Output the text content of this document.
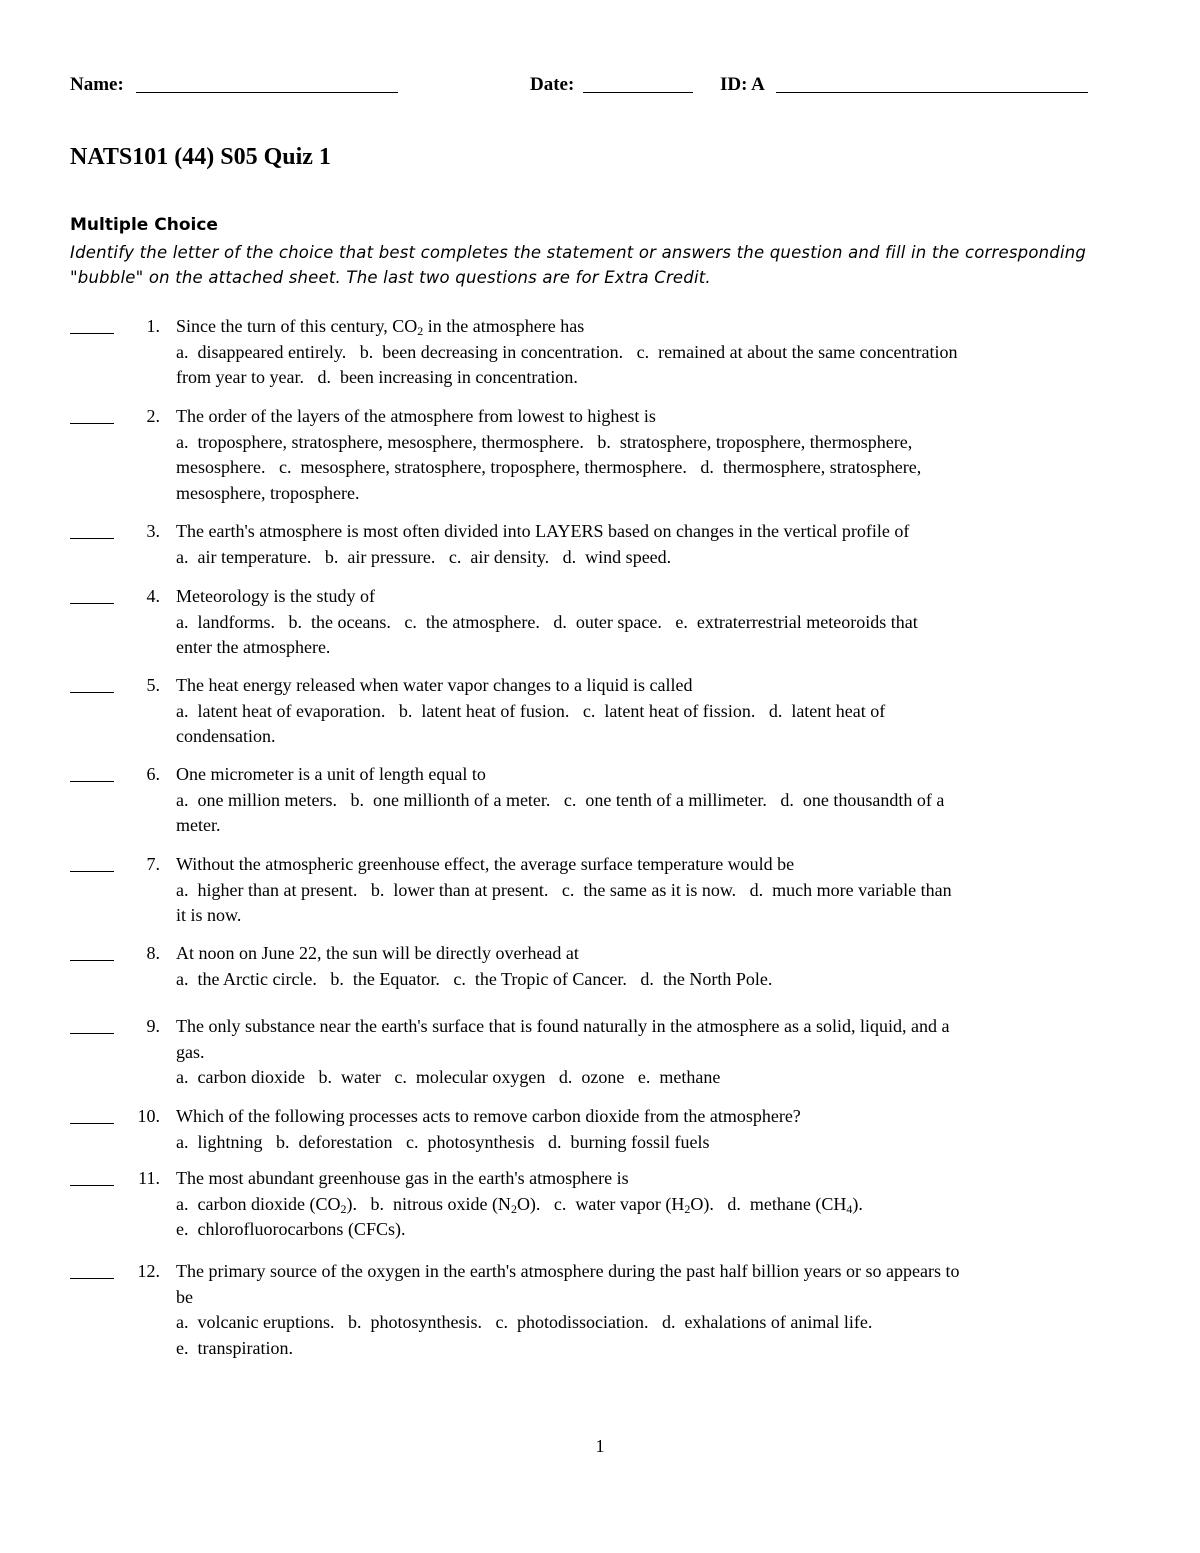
Name:	Date:	ID: A
NATS101 (44) S05 Quiz 1
Multiple Choice
Identify the letter of the choice that best completes the statement or answers the question and fill in the corresponding
"bubble" on the attached sheet. The last two questions are for Extra Credit.
1. Since the turn of this century, $CO_2$ in the atmosphere has
a.  disappeared entirely.   b.  been decreasing in concentration.   c.  remained at about the same concentration
from year to year.   d.  been increasing in concentration.
2. The order of the layers of the atmosphere from lowest to highest is
a.  troposphere, stratosphere, mesosphere, thermosphere.   b.  stratosphere, troposphere, thermosphere,
mesosphere.   c.  mesosphere, stratosphere, troposphere, thermosphere.   d.  thermosphere, stratosphere,
mesosphere, troposphere.
3. The earth's atmosphere is most often divided into LAYERS based on changes in the vertical profile of
a.  air temperature.   b.  air pressure.   c.  air density.   d.  wind speed.
4. Meteorology is the study of
a.  landforms.   b.  the oceans.   c.  the atmosphere.   d.  outer space.   e.  extraterrestrial meteoroids that
enter the atmosphere.
5. The heat energy released when water vapor changes to a liquid is called
a.  latent heat of evaporation.   b.  latent heat of fusion.   c.  latent heat of fission.   d.  latent heat of
condensation.
6. One micrometer is a unit of length equal to
a.  one million meters.   b.  one millionth of a meter.   c.  one tenth of a millimeter.   d.  one thousandth of a
meter.
7. Without the atmospheric greenhouse effect, the average surface temperature would be
a.  higher than at present.   b.  lower than at present.   c.  the same as it is now.   d.  much more variable than
it is now.
8. At noon on June 22, the sun will be directly overhead at
a.  the Arctic circle.   b.  the Equator.   c.  the Tropic of Cancer.   d.  the North Pole.
9. The only substance near the earth's surface that is found naturally in the atmosphere as a solid, liquid, and a
gas.
a.  carbon dioxide   b.  water   c.  molecular oxygen   d.  ozone   e.  methane
10. Which of the following processes acts to remove carbon dioxide from the atmosphere?
a.  lightning   b.  deforestation   c.  photosynthesis   d.  burning fossil fuels
11. The most abundant greenhouse gas in the earth's atmosphere is
a.  carbon dioxide $(CO_2)$.   b.  nitrous oxide $(N_2O)$.   c.  water vapor $(H_2O)$.   d.  methane $(CH_4)$.
e.  chlorofluorocarbons (CFCs).
12. The primary source of the oxygen in the earth's atmosphere during the past half billion years or so appears to
be
a.  volcanic eruptions.   b.  photosynthesis.   c.  photodissociation.   d.  exhalations of animal life.
e.  transpiration.
1
